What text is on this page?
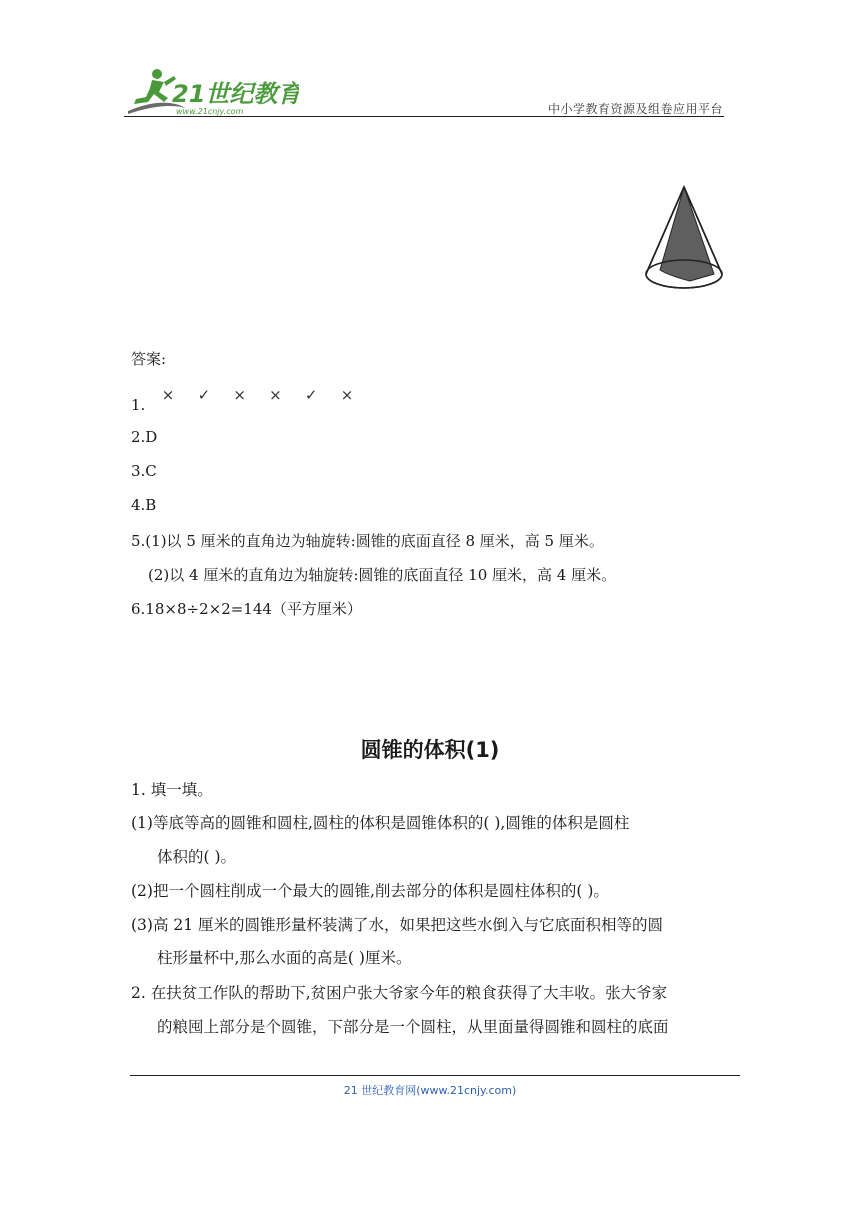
21世纪教育
www.21cnjy.com	中小学教育资源及组卷应用平台
答案:
1. × ✓ × × ✓ ×
2.D
3.C
4.B
5.(1)以 5 厘米的直角边为轴旋转:圆锥的底面直径 8 厘米，高 5 厘米。
(2)以 4 厘米的直角边为轴旋转:圆锥的底面直径 10 厘米，高 4 厘米。
6.18×8÷2×2=144（平方厘米）
圆锥的体积(1)
1. 填一填。
(1)等底等高的圆锥和圆柱,圆柱的体积是圆锥体积的( ),圆锥的体积是圆柱
体积的( )。
(2)把一个圆柱削成一个最大的圆锥,削去部分的体积是圆柱体积的( )。
(3)高 21 厘米的圆锥形量杯装满了水，如果把这些水倒入与它底面积相等的圆
柱形量杯中,那么水面的高是( )厘米。
2. 在扶贫工作队的帮助下,贫困户张大爷家今年的粮食获得了大丰收。张大爷家
的粮囤上部分是个圆锥，下部分是一个圆柱，从里面量得圆锥和圆柱的底面
21 世纪教育网(www.21cnjy.com)
